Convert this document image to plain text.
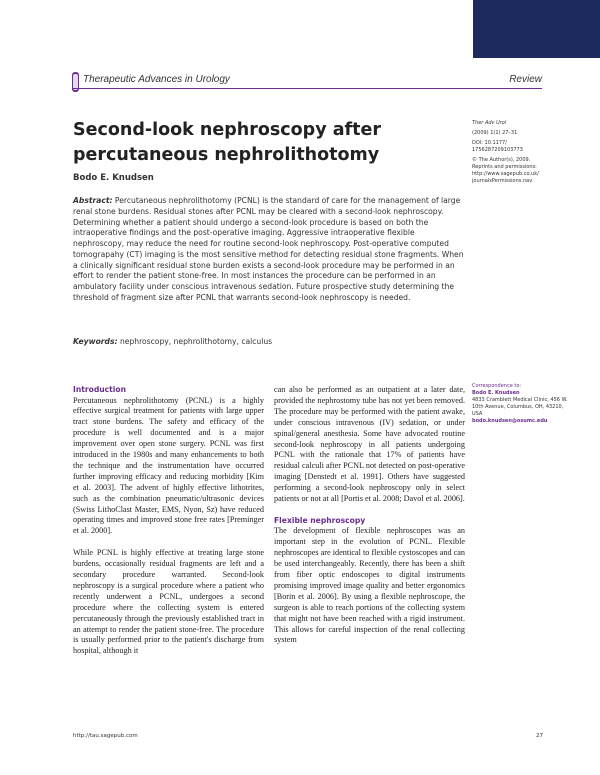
Therapeutic Advances in Urology	Review
Second-look nephroscopy after percutaneous nephrolithotomy
Bodo E. Knudsen
Ther Adv Urol
(2009) 1(1) 27–31
DOI: 10.1177/
1756287209103773
© The Author(s), 2009.
Reprints and permissions:
http://www.sagepub.co.uk/
journalsPermissions.nav
Abstract: Percutaneous nephrolithotomy (PCNL) is the standard of care for the management of large renal stone burdens. Residual stones after PCNL may be cleared with a second-look nephroscopy. Determining whether a patient should undergo a second-look procedure is based on both the intraoperative findings and the post-operative imaging. Aggressive intraoperative flexible nephroscopy, may reduce the need for routine second-look nephroscopy. Post-operative computed tomograpahy (CT) imaging is the most sensitive method for detecting residual stone fragments. When a clinically significant residual stone burden exists a second-look procedure may be performed in an effort to render the patient stone-free. In most instances the procedure can be performed in an ambulatory facility under conscious intravenous sedation. Future prospective study determining the threshold of fragment size after PCNL that warrants second-look nephroscopy is needed.
Keywords: nephroscopy, nephrolithotomy, calculus
Introduction

Percutaneous nephrolithotomy (PCNL) is a highly effective surgical treatment for patients with large upper tract stone burdens. The safety and efficacy of the procedure is well documented and is a major improvement over open stone surgery. PCNL was first introduced in the 1980s and many enhancements to both the technique and the instrumentation have occurred further improving efficacy and reducing morbidity [Kim et al. 2003]. The advent of highly effective lithotrites, such as the combination pneumatic/ultrasonic devices (Swiss LithoClast Master, EMS, Nyon, Sz) have reduced operating times and improved stone free rates [Preminger et al. 2000].

While PCNL is highly effective at treating large stone burdens, occasionally residual fragments are left and a secondary procedure warranted. Second-look nephroscopy is a surgical procedure where a patient who recently underwent a PCNL, undergoes a second procedure where the collecting system is entered percutaneously through the previously established tract in an attempt to render the patient stone-free. The procedure is usually performed prior to the patient's discharge from hospital, although it

can also be performed as an outpatient at a later date, provided the nephrostomy tube has not yet been removed. The procedure may be performed with the patient awake, under conscious intravenous (IV) sedation, or under spinal/general anesthesia. Some have advocated routine second-look nephroscopy in all patients undergoing PCNL with the rationale that 17% of patients have residual calculi after PCNL not detected on post-operative imaging [Denstedt et al. 1991]. Others have suggested performing a second-look nephroscopy only in select patients or not at all [Portis et al. 2008; Davol et al. 2006].

Flexible nephroscopy

The development of flexible nephroscopes was an important step in the evolution of PCNL. Flexible nephroscopes are identical to flexible cystoscopes and can be used interchangeably. Recently, there has been a shift from fiber optic endoscopes to digital instruments promising improved image quality and better ergonomics [Borin et al. 2006]. By using a flexible nephroscope, the surgeon is able to reach portions of the collecting system that might not have been reached with a rigid instrument. This allows for careful inspection of the renal collecting system

Correspondence to:
Bodo E. Knudsen
4833 Cramblett Medical Clinic, 456 W. 10th Avenue, Columbus, OH, 43210, USA
bodo.knudsen@osumc.edu
http://tau.sagepub.com	27
